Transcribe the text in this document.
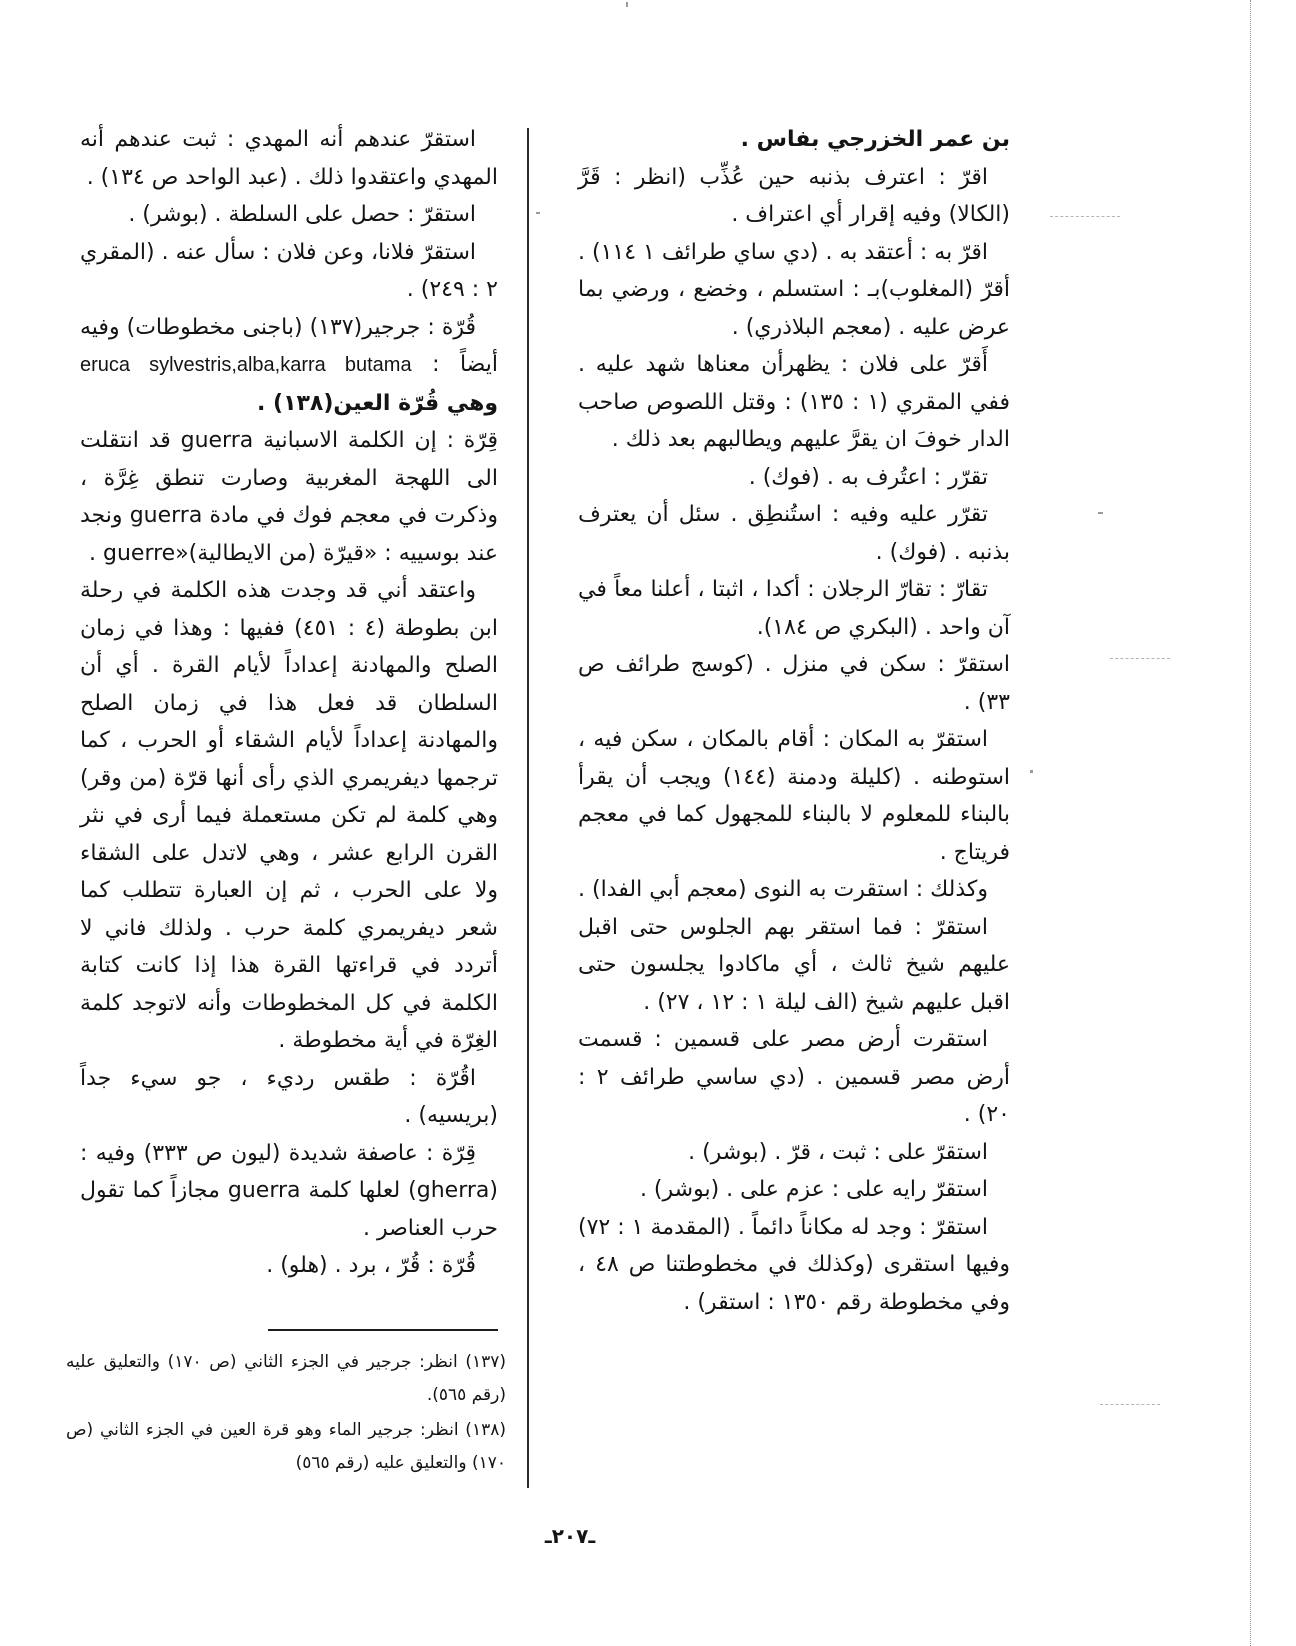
بن عمر الخزرجي بفاس .

اقرّ : اعترف بذنبه حين عُذِّب (انظر : قَرَّ (الكالا) وفيه إقرار أي اعتراف .

اقرّ به : أعتقد به . (دي ساي طرائف ١ ١١٤) .

أقرّ (المغلوب)بـ : استسلم ، وخضع ، ورضي بما عرض عليه . (معجم البلاذري) .

أَقرّ على فلان : يظهرأن معناها شهد عليه . ففي المقري (١ : ١٣٥) : وقتل اللصوص صاحب الدار خوفَ ان يقرَّ عليهم ويطالبهم بعد ذلك .

تقرّر : اعتُرف به . (فوك) .

تقرّر عليه وفيه : استُنطِق . سئل أن يعترف بذنبه . (فوك) .

تقارّ : تقارّ الرجلان : أكدا ، اثبتا ، أعلنا معاً في آن واحد . (البكري ص ١٨٤).

استقرّ : سكن في منزل . (كوسج طرائف ص ٣٣) .

استقرّ به المكان : أقام بالمكان ، سكن فيه ، استوطنه . (كليلة ودمنة (١٤٤) ويجب أن يقرأ بالبناء للمعلوم لا بالبناء للمجهول كما في معجم فريتاج .

وكذلك : استقرت به النوى (معجم أبي الفدا) .

استقرّ : فما استقر بهم الجلوس حتى اقبل عليهم شيخ ثالث ، أي ماكادوا يجلسون حتى اقبل عليهم شيخ (الف ليلة ١ : ١٢ ، ٢٧) .

استقرت أرض مصر على قسمين : قسمت أرض مصر قسمين . (دي ساسي طرائف ٢ : ٢٠) .

استقرّ على : ثبت ، قرّ . (بوشر) .

استقرّ رايه على : عزم على . (بوشر) .

استقرّ : وجد له مكاناً دائماً . (المقدمة ١ : ٧٢) وفيها استقرى (وكذلك في مخطوطتنا ص ٤٨ ، وفي مخطوطة رقم ١٣٥٠ : استقر) .

استقرّ عندهم أنه المهدي : ثبت عندهم أنه المهدي واعتقدوا ذلك . (عبد الواحد ص ١٣٤) .

استقرّ : حصل على السلطة . (بوشر) .

استقرّ فلانا، وعن فلان : سأل عنه . (المقري ٢ : ٢٤٩) .

قُرّة : جرجير(١٣٧) (باجنى مخطوطات) وفيه أيضاً : eruca sylvestris,alba,karra butama وهي قُرّة العين(١٣٨) .

قِرّة : إن الكلمة الاسبانية guerra قد انتقلت الى اللهجة المغربية وصارت تنطق غِرَّة ، وذكرت في معجم فوك في مادة guerra ونجد عند بوسييه : «قيرّة (من الايطالية)«guerre .

واعتقد أني قد وجدت هذه الكلمة في رحلة ابن بطوطة (٤ : ٤٥١) ففيها : وهذا في زمان الصلح والمهادنة إعداداً لأيام القرة . أي أن السلطان قد فعل هذا في زمان الصلح والمهادنة إعداداً لأيام الشقاء أو الحرب ، كما ترجمها ديفريمري الذي رأى أنها قرّة (من وقر) وهي كلمة لم تكن مستعملة فيما أرى في نثر القرن الرابع عشر ، وهي لاتدل على الشقاء ولا على الحرب ، ثم إن العبارة تتطلب كما شعر ديفريمري كلمة حرب . ولذلك فاني لا أتردد في قراءتها القرة هذا إذا كانت كتابة الكلمة في كل المخطوطات وأنه لاتوجد كلمة الغِرّة في أية مخطوطة .

اقُرّة : طقس رديء ، جو سيء جداً (بريسيه) .

قِرّة : عاصفة شديدة (ليون ص ٣٣٣) وفيه : (gherra) لعلها كلمة guerra مجازاً كما تقول حرب العناصر .

قُرّة : قُرّ ، برد . (هلو) .

(١٣٧) انظر: جرجير في الجزء الثاني (ص ١٧٠) والتعليق عليه (رقم ٥٦٥).

(١٣٨) انظر: جرجير الماء وهو قرة العين في الجزء الثاني (ص ١٧٠) والتعليق عليه (رقم ٥٦٥)

ـ٢٠٧ـ
